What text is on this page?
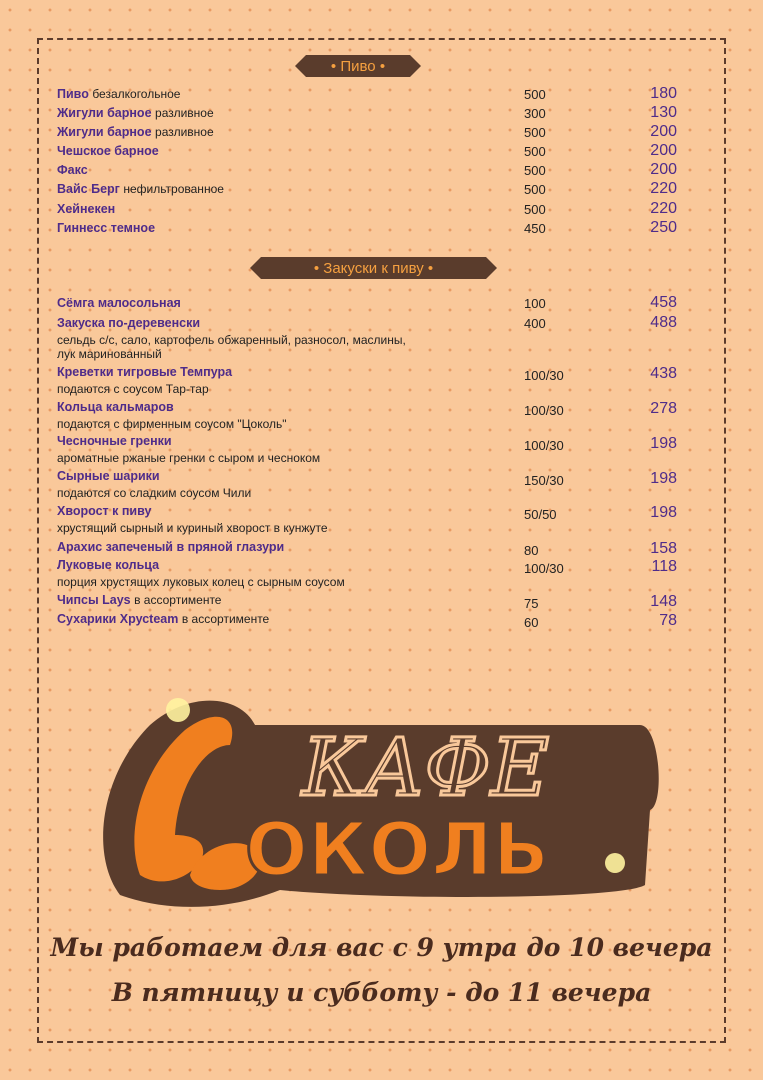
• Пиво •
Пиво безалкогольное	500	180
Жигули барное разливное	300	130
Жигули барное разливное	500	200
Чешское барное	500	200
Факс	500	200
Вайс Берг нефильтрованное	500	220
Хейнекен	500	220
Гиннесс темное	450	250
• Закуски к пиву •
Сёмга малосольная	100	458
Закуска по-деревенски	400	488
сельдь с/с, сало, картофель обжаренный, разносол, маслины,
лук маринованный
Креветки тигровые Темпура	100/30	438
подаются с соусом Тар-тар
Кольца кальмаров	100/30	278
подаются с фирменным соусом "Цоколь"
Чесночные гренки	100/30	198
ароматные ржаные гренки с сыром и чесноком
Сырные шарики	150/30	198
подаются со сладким соусом Чили
Хворост к пиву	50/50	198
хрустящий сырный и куриный хворост в кунжуте
Арахис запеченый в пряной глазури	80	158
Луковые кольца	100/30	118
порция хрустящих луковых колец с сырным соусом
Чипсы Lays в ассортименте	75	148
Сухарики Хрусteam в ассортименте	60	78
КАФЕ
ОКОЛЬ
Мы работаем для вас с 9 утра до 10 вечера
В пятницу и субботу - до 11 вечера
